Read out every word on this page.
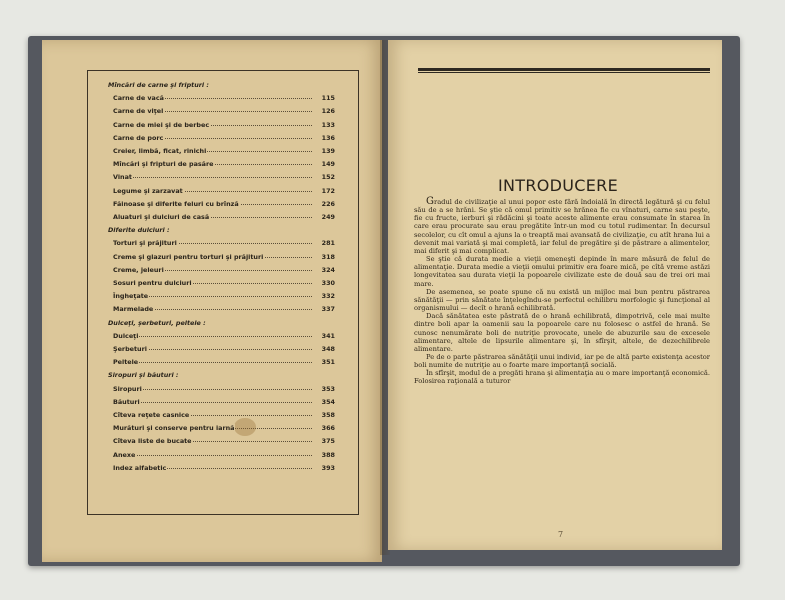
Mîncări de carne şi fripturi :
Carne de vacă	115
Carne de viţel	126
Carne de miei şi de berbec	133
Carne de porc	136
Creier, limbă, ficat, rinichi	139
Mîncări şi fripturi de pasăre	149
Vinat	152
Legume şi zarzavat	172
Făinoase şi diferite feluri cu brînză	226
Aluaturi şi dulciuri de casă	249
Diferite dulciuri :
Torturi şi prăjituri	281
Creme şi glazuri pentru torturi şi prăjituri	318
Creme, jeleuri	324
Sosuri pentru dulciuri	330
Îngheţate	332
Marmelade	337
Dulceţi, şerbeturi, peltele :
Dulceţi	341
Şerbeturi	348
Peltele	351
Siropuri şi băuturi :
Siropuri	353
Băuturi	354
Cîteva reţete casnice	358
Murături şi conserve pentru iarnă	366
Cîteva liste de bucate	375
Anexe	388
Indez alfabetic	393
INTRODUCERE

Gradul de civilizaţie al unui popor este fără îndoială în directă legătură şi cu felul său de a se hrăni. Se ştie că omul primitiv se hrănea fie cu vînaturi, carne sau peşte, fie cu fructe, ierburi şi rădăcini şi toate aceste alimente erau consumate în starea în care erau procurate sau erau pregătite într-un mod cu totul rudimentar. În decursul secolelor, cu cît omul a ajuns la o treaptă mai avansată de civilizaţie, cu atît hrana lui a devenit mai variată şi mai completă, iar felul de pregătire şi de păstrare a alimentelor, mai diferit şi mai complicat.

Se ştie că durata medie a vieţii omeneşti depinde în mare măsură de felul de alimentaţie. Durata medie a vieţii omului primitiv era foare mică, pe cîtă vreme astăzi longevitatea sau durata vieţii la popoarele civilizate este de două sau de trei ori mai mare.

De asemenea, se poate spune că nu există un mijloc mai bun pentru păstrarea sănătăţii — prin sănătate înţelegîndu-se perfectul echilibru morfologic şi funcţional al organismului — decît o hrană echilibrată.

Dacă sănătatea este păstrată de o hrană echilibrată, dimpotrivă, cele mai multe dintre boli apar la oamenii sau la popoarele care nu folosesc o astfel de hrană. Se cunosc nenumărate boli de nutriţie provocate, unele de abuzurile sau de excesele alimentare, altele de lipsurile alimentare şi, în sfîrşit, altele, de dezechilibrele alimentare.

Pe de o parte păstrarea sănătăţii unui individ, iar pe de altă parte existenţa acestor boli numite de nutriţie au o foarte mare importanţă socială.

În sfîrşit, modul de a pregăti hrana şi alimentaţia au o mare importanţă economică. Folosirea raţională a tuturor

7
